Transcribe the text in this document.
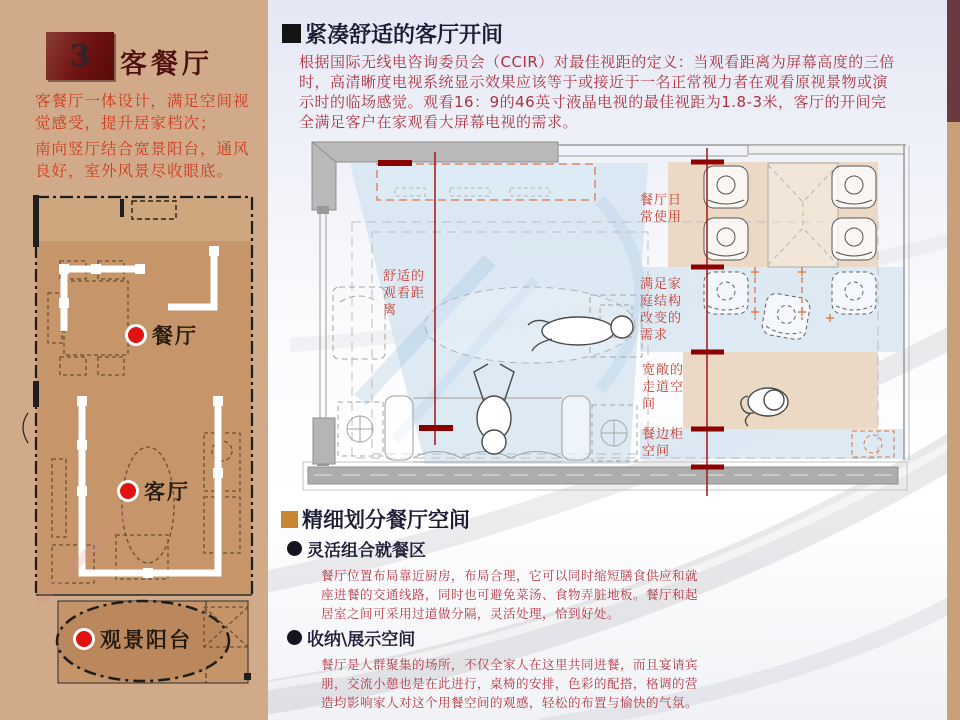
3 客餐厅
客餐厅一体设计，满足空间视觉感受，提升居家档次；
南向竖厅结合宽景阳台，通风良好，室外风景尽收眼底。
餐厅
客厅
观景阳台
紧凑舒适的客厅开间
根据国际无线电咨询委员会（CCIR）对最佳视距的定义：当观看距离为屏幕高度的三倍时，高清晰度电视系统显示效果应该等于或接近于一名正常视力者在观看原视景物或演示时的临场感觉。观看16：9的46英寸液晶电视的最佳视距为1.8-3米，客厅的开间完全满足客户在家观看大屏幕电视的需求。
舒适的观看距离
餐厅日常使用
满足家庭结构改变的需求
宽敞的走道空间
餐边柜空间
精细划分餐厅空间
灵活组合就餐区
餐厅位置布局靠近厨房，布局合理，它可以同时缩短膳食供应和就座进餐的交通线路，同时也可避免菜汤、食物弄脏地板。餐厅和起居室之间可采用过道做分隔，灵活处理，恰到好处。
收纳\展示空间
餐厅是人群聚集的场所，不仅全家人在这里共同进餐，而且宴请宾朋，交流小憩也是在此进行，桌椅的安排，色彩的配搭，格调的营造均影响家人对这个用餐空间的观感，轻松的布置与愉快的气氛。
